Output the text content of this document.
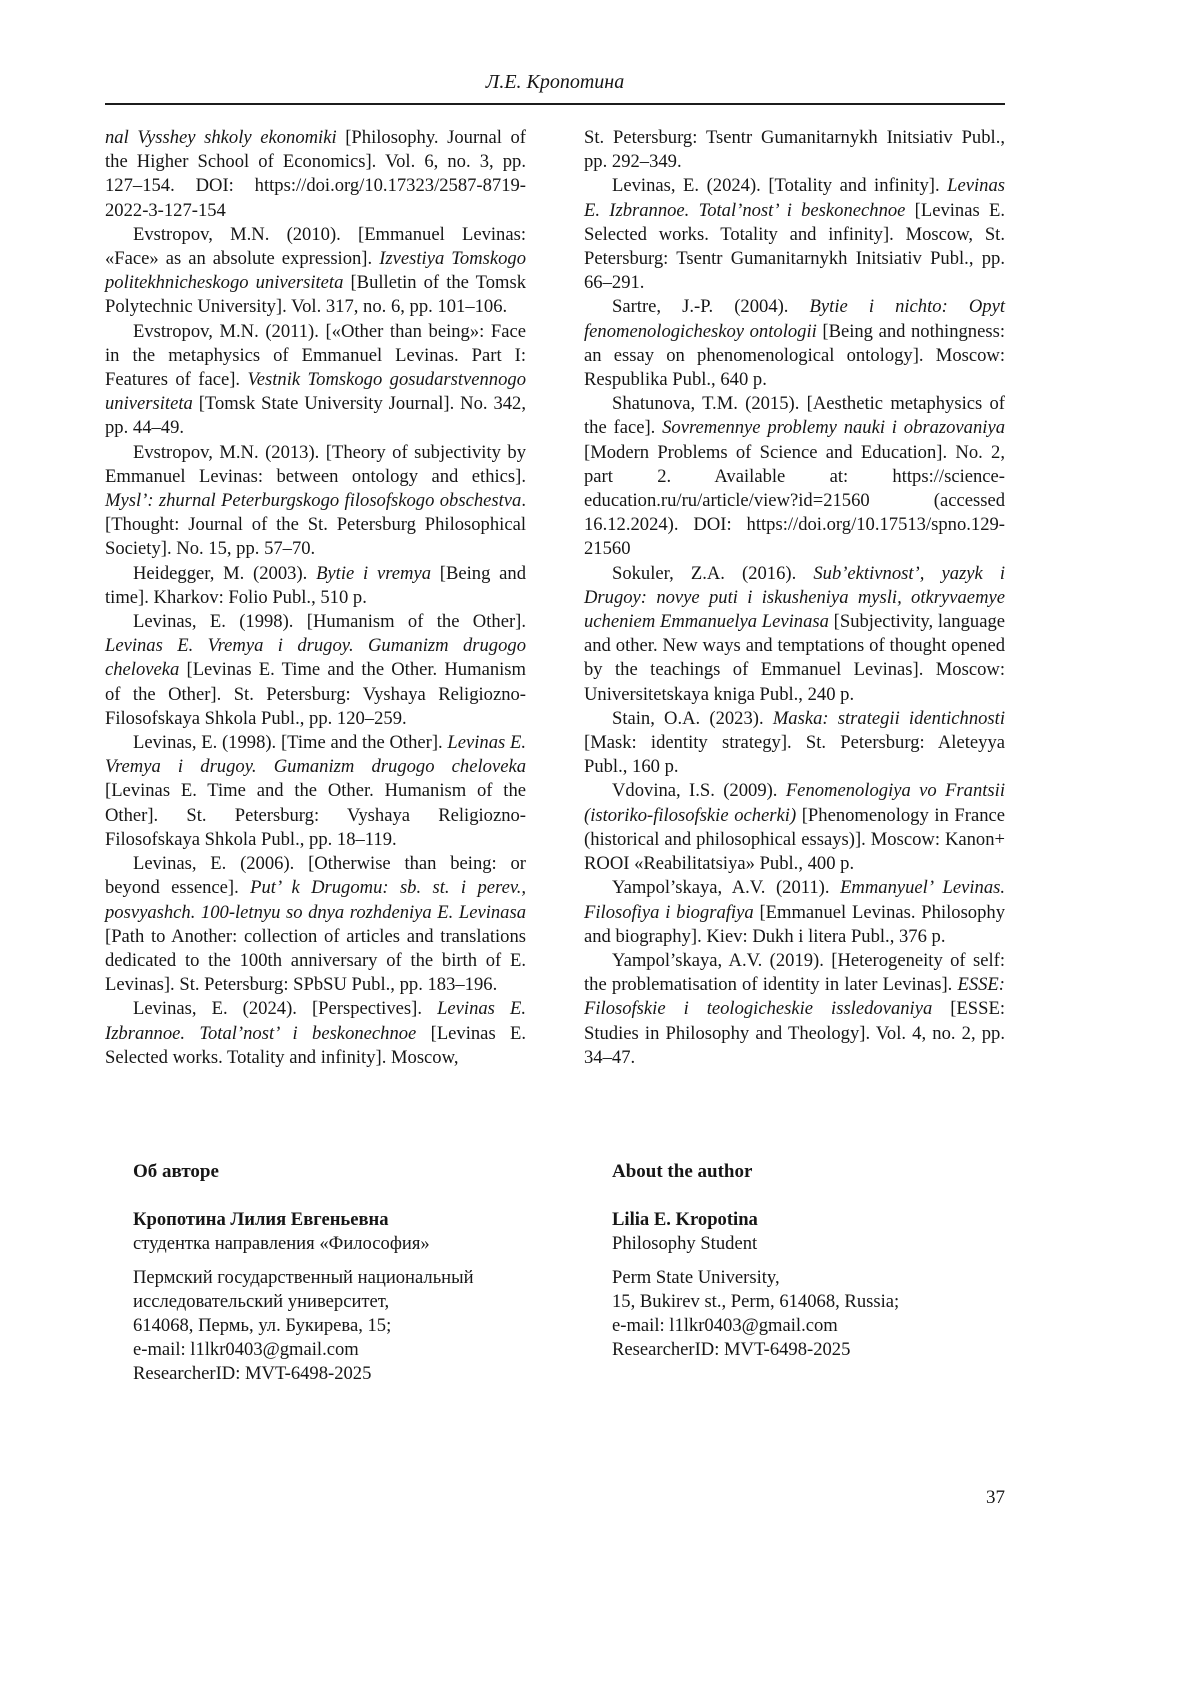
Л.Е. Кропотина

nal Vysshey shkoly ekonomiki [Philosophy. Journal of the Higher School of Economics]. Vol. 6, no. 3, pp. 127–154. DOI: https://doi.org/10.17323/2587-8719-2022-3-127-154

Evstropov, M.N. (2010). [Emmanuel Levinas: «Face» as an absolute expression]. Izvestiya Tomskogo politekhnicheskogo universiteta [Bulletin of the Tomsk Polytechnic University]. Vol. 317, no. 6, pp. 101–106.

Evstropov, M.N. (2011). [«Other than being»: Face in the metaphysics of Emmanuel Levinas. Part I: Features of face]. Vestnik Tomskogo gosudarstvennogo universiteta [Tomsk State University Journal]. No. 342, pp. 44–49.

Evstropov, M.N. (2013). [Theory of subjectivity by Emmanuel Levinas: between ontology and ethics]. Mysl’: zhurnal Peterburgskogo filosofskogo obschestva. [Thought: Journal of the St. Petersburg Philosophical Society]. No. 15, pp. 57–70.

Heidegger, M. (2003). Bytie i vremya [Being and time]. Kharkov: Folio Publ., 510 p.

Levinas, E. (1998). [Humanism of the Other]. Levinas E. Vremya i drugoy. Gumanizm drugogo cheloveka [Levinas E. Time and the Other. Humanism of the Other]. St. Petersburg: Vyshaya Religiozno-Filosofskaya Shkola Publ., pp. 120–259.

Levinas, E. (1998). [Time and the Other]. Levinas E. Vremya i drugoy. Gumanizm drugogo cheloveka [Levinas E. Time and the Other. Humanism of the Other]. St. Petersburg: Vyshaya Religiozno-Filosofskaya Shkola Publ., pp. 18–119.

Levinas, E. (2006). [Otherwise than being: or beyond essence]. Put’ k Drugomu: sb. st. i perev., posvyashch. 100-letnyu so dnya rozhdeniya E. Levinasa [Path to Another: collection of articles and translations dedicated to the 100th anniversary of the birth of E. Levinas]. St. Petersburg: SPbSU Publ., pp. 183–196.

Levinas, E. (2024). [Perspectives]. Levinas E. Izbrannoe. Total’nost’ i beskonechnoe [Levinas E. Selected works. Totality and infinity]. Moscow,

St. Petersburg: Tsentr Gumanitarnykh Initsiativ Publ., pp. 292–349.

Levinas, E. (2024). [Totality and infinity]. Levinas E. Izbrannoe. Total’nost’ i beskonechnoe [Levinas E. Selected works. Totality and infinity]. Moscow, St. Petersburg: Tsentr Gumanitarnykh Initsiativ Publ., pp. 66–291.

Sartre, J.-P. (2004). Bytie i nichto: Opyt fenomenologicheskoy ontologii [Being and nothingness: an essay on phenomenological ontology]. Moscow: Respublika Publ., 640 p.

Shatunova, T.M. (2015). [Aesthetic metaphysics of the face]. Sovremennye problemy nauki i obrazovaniya [Modern Problems of Science and Education]. No. 2, part 2. Available at: https://science-education.ru/ru/article/view?id=21560 (accessed 16.12.2024). DOI: https://doi.org/10.17513/spno.129-21560

Sokuler, Z.A. (2016). Sub’ektivnost’, yazyk i Drugoy: novye puti i iskusheniya mysli, otkryvaemye ucheniem Emmanuelya Levinasa [Subjectivity, language and other. New ways and temptations of thought opened by the teachings of Emmanuel Levinas]. Moscow: Universitetskaya kniga Publ., 240 p.

Stain, O.A. (2023). Maska: strategii identichnosti [Mask: identity strategy]. St. Petersburg: Aleteyya Publ., 160 p.

Vdovina, I.S. (2009). Fenomenologiya vo Frantsii (istoriko-filosofskie ocherki) [Phenomenology in France (historical and philosophical essays)]. Moscow: Kanon+ ROOI «Reabilitatsiya» Publ., 400 p.

Yampol’skaya, A.V. (2011). Emmanyuel’ Levinas. Filosofiya i biografiya [Emmanuel Levinas. Philosophy and biography]. Kiev: Dukh i litera Publ., 376 p.

Yampol’skaya, A.V. (2019). [Heterogeneity of self: the problematisation of identity in later Levinas]. ESSE: Filosofskie i teologicheskie issledovaniya [ESSE: Studies in Philosophy and Theology]. Vol. 4, no. 2, pp. 34–47.

Об авторе
Кропотина Лилия Евгеньевна
студентка направления «Философия»
Пермский государственный национальный
исследовательский университет,
614068, Пермь, ул. Букирева, 15;
e-mail: l1lkr0403@gmail.com
ResearcherID: MVT-6498-2025
About the author
Lilia E. Kropotina
Philosophy Student
Perm State University,
15, Bukirev st., Perm, 614068, Russia;
e-mail: l1lkr0403@gmail.com
ResearcherID: MVT-6498-2025
37
